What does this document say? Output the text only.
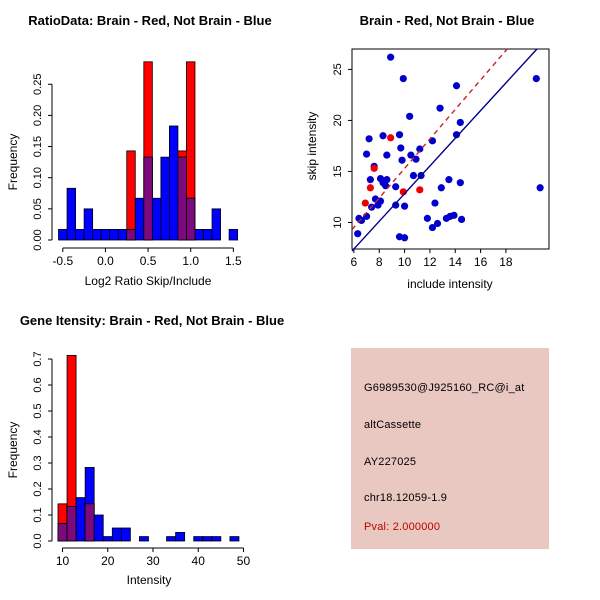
-0.5 0.0 0.5 1.0 1.5
0.00
0.05
0.10
0.15
0.20
0.25
RatioData: Brain - Red, Not Brain - Blue
Log2 Ratio Skip/Include
Frequency
6 8 10 12 14 16 18
10
15
20
25
Brain - Red, Not Brain - Blue
include intensity
skip intensity
10	20	30	40	50
0.0
0.1
0.2
0.3
0.4
0.5
0.6
0.7
Gene Itensity: Brain - Red, Not Brain - Blue
Intensity
Frequency
G6989530@J925160_RC@i_at
altCassette
AY227025
chr18.12059-1.9
Pval: 2.000000
